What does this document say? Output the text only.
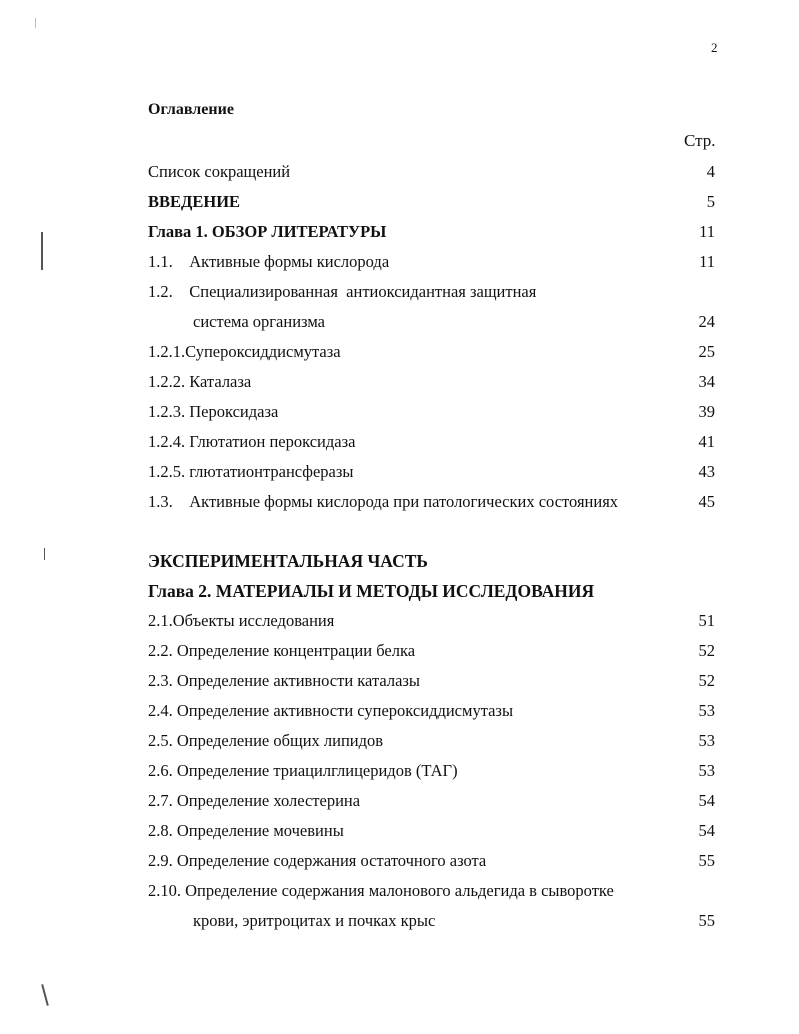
2
Оглавление
Стр.
Список сокращений	4
ВВЕДЕНИЕ	5
Глава 1. ОБЗОР ЛИТЕРАТУРЫ	11
1.1.    Активные формы кислорода	11
1.2.    Специализированная  антиоксидантная защитная
система организма	24
1.2.1.Супероксиддисмутаза	25
1.2.2. Каталаза	34
1.2.3. Пероксидаза	39
1.2.4. Глютатион пероксидаза	41
1.2.5. глютатионтрансферазы	43
1.3.    Активные формы кислорода при патологических состояниях	45
ЭКСПЕРИМЕНТАЛЬНАЯ ЧАСТЬ
Глава 2. МАТЕРИАЛЫ И МЕТОДЫ ИССЛЕДОВАНИЯ
2.1.Объекты исследования	51
2.2. Определение концентрации белка	52
2.3. Определение активности каталазы	52
2.4. Определение активности супероксиддисмутазы	53
2.5. Определение общих липидов	53
2.6. Определение триацилглицеридов (ТАГ)	53
2.7. Определение холестерина	54
2.8. Определение мочевины	54
2.9. Определение содержания остаточного азота	55
2.10. Определение содержания малонового альдегида в сыворотке
крови, эритроцитах и почках крыс	55
